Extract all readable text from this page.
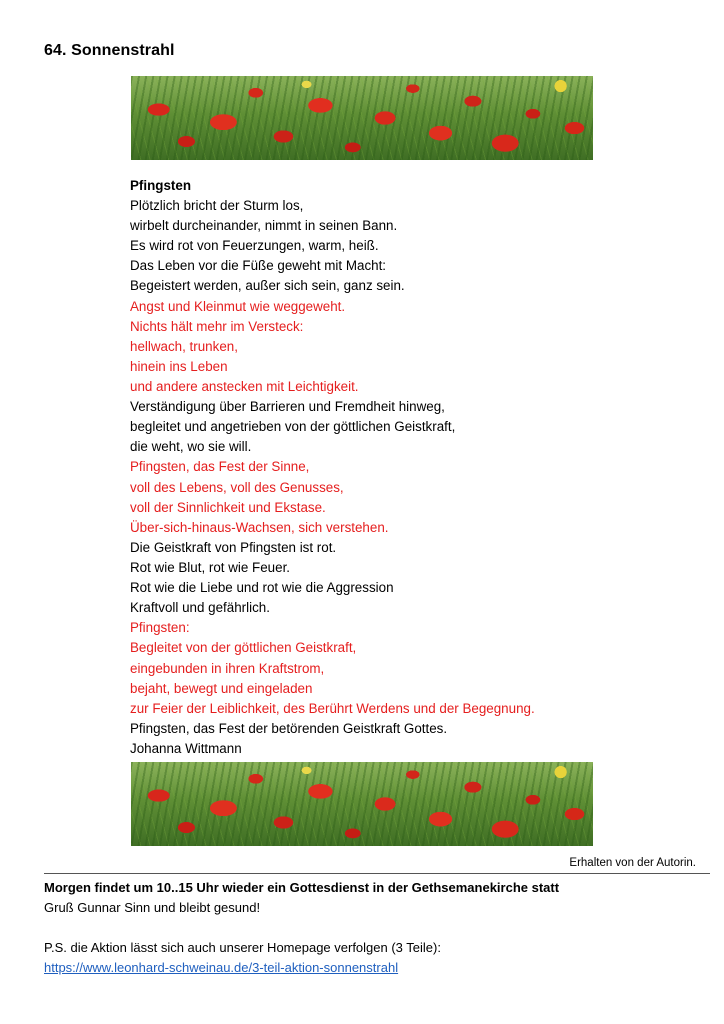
64. Sonnenstrahl
Pfingsten
Plötzlich bricht der Sturm los,
wirbelt durcheinander, nimmt in seinen Bann.
Es wird rot von Feuerzungen, warm, heiß.
Das Leben vor die Füße geweht mit Macht:
Begeistert werden, außer sich sein, ganz sein.
Angst und Kleinmut wie weggeweht.
Nichts hält mehr im Versteck:
hellwach, trunken,
hinein ins Leben
und andere anstecken mit Leichtigkeit.
Verständigung über Barrieren und Fremdheit hinweg,
begleitet und angetrieben von der göttlichen Geistkraft,
die weht, wo sie will.
Pfingsten, das Fest der Sinne,
voll des Lebens, voll des Genusses,
voll der Sinnlichkeit und Ekstase.
Über-sich-hinaus-Wachsen, sich verstehen.
Die Geistkraft von Pfingsten ist rot.
Rot wie Blut, rot wie Feuer.
Rot wie die Liebe und rot wie die Aggression
Kraftvoll und gefährlich.
Pfingsten:
Begleitet von der göttlichen Geistkraft,
eingebunden in ihren Kraftstrom,
bejaht, bewegt und eingeladen
zur Feier der Leiblichkeit, des Berührt Werdens und der Begegnung.
Pfingsten, das Fest der betörenden Geistkraft Gottes.
Johanna Wittmann
Erhalten von der Autorin.
Morgen findet um 10..15 Uhr wieder ein Gottesdienst in der Gethsemanekirche statt
Gruß Gunnar Sinn und bleibt gesund!
P.S. die Aktion lässt sich auch unserer Homepage verfolgen (3 Teile):
https://www.leonhard-schweinau.de/3-teil-aktion-sonnenstrahl
